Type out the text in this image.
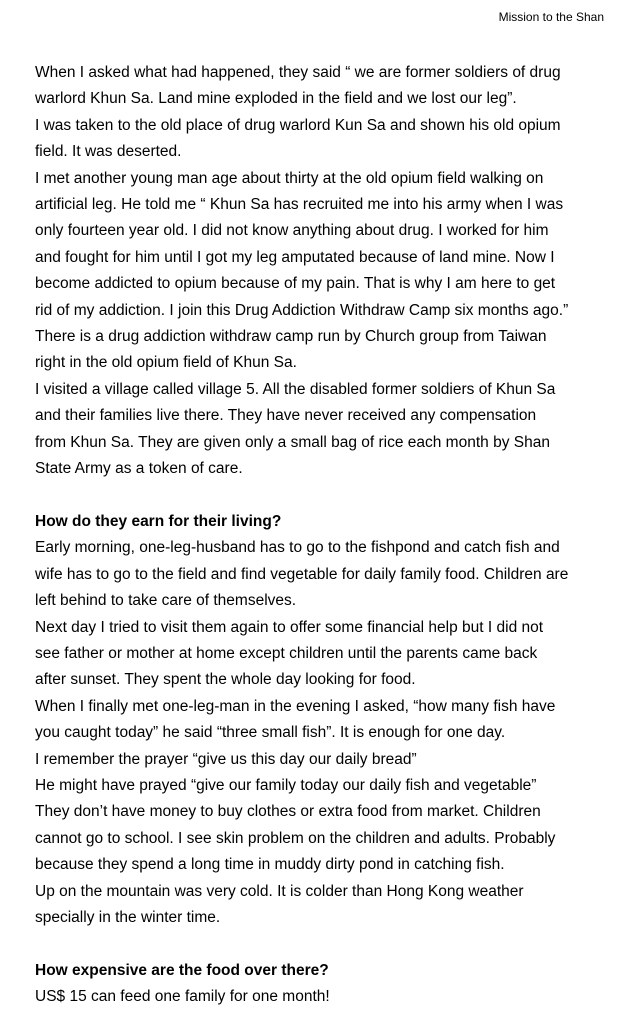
Mission to the Shan
When I asked what had happened, they said “ we are former soldiers of drug
warlord Khun Sa. Land mine exploded in the field and we lost our leg”.
I was taken to the old place of drug warlord Kun Sa and shown his old opium
field. It was deserted.
I met another young man age about thirty at the old opium field walking on
artificial leg. He told me “ Khun Sa has recruited me into his army when I was
only fourteen year old. I did not know anything about drug. I worked for him
and fought for him until I got my leg amputated because of land mine. Now I
become addicted to opium because of my pain. That is why I am here to get
rid of my addiction. I join this Drug Addiction Withdraw Camp six months ago.”
There is a drug addiction withdraw camp run by Church group from Taiwan
right in the old opium field of Khun Sa.
I visited a village called village 5. All the disabled former soldiers of Khun Sa
and their families live there. They have never received any compensation
from Khun Sa. They are given only a small bag of rice each month by Shan
State Army as a token of care.
How do they earn for their living?
Early morning, one-leg-husband has to go to the fishpond and catch fish and
wife has to go to the field and find vegetable for daily family food. Children are
left behind to take care of themselves.
Next day I tried to visit them again to offer some financial help but I did not
see father or mother at home except children until the parents came back
after sunset. They spent the whole day looking for food.
When I finally met one-leg-man in the evening I asked, “how many fish have
you caught today” he said “three small fish”. It is enough for one day.
I remember the prayer “give us this day our daily bread”
He might have prayed “give our family today our daily fish and vegetable”
They don’t have money to buy clothes or extra food from market. Children
cannot go to school. I see skin problem on the children and adults. Probably
because they spend a long time in muddy dirty pond in catching fish.
Up on the mountain was very cold. It is colder than Hong Kong weather
specially in the winter time.
How expensive are the food over there?
US$ 15 can feed one family for one month!
